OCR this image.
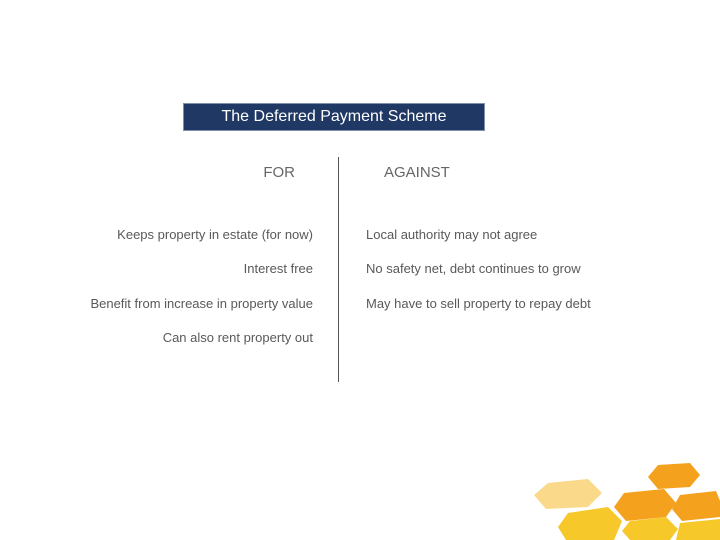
The Deferred Payment Scheme
FOR	AGAINST
Keeps property in estate (for now)
Interest free
Benefit from increase in property value
Can also rent property out
Local authority may not agree
No safety net, debt continues to grow
May have to sell property to repay debt
